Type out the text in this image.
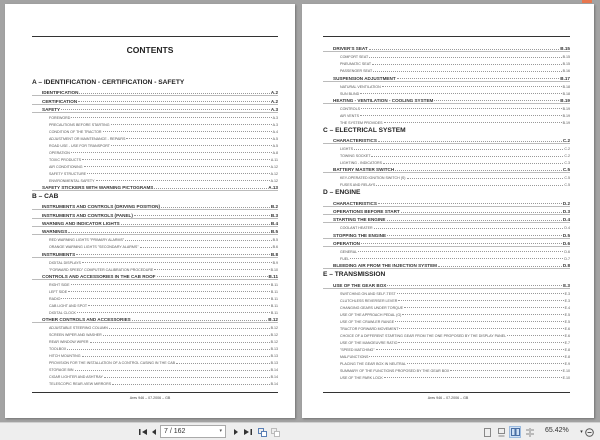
CONTENTS
A – IDENTIFICATION - CERTIFICATION - SAFETY
IDENTIFICATION	A.2
CERTIFICATION	A.2
SAFETY	A.3
FOREWORD	A.3
PRECAUTIONS BEFORE STARTING	A.3
CONDITION OF THE TRACTOR	A.4
ADJUSTMENT OR MAINTENANCE - REPAIRS	A.5
ROAD USE - USE FOR TRANSPORT	A.5
OPERATION	A.8
TOXIC PRODUCTS	A.11
AIR CONDITIONING	A.12
SAFETY STRUCTURE	A.12
ENVIRONMENTAL SAFETY	A.12
SAFETY STICKERS WITH WARNING PICTOGRAMS	A.13
B – CAB
INSTRUMENTS AND CONTROLS (DRIVING POSITION)	B.2
INSTRUMENTS AND CONTROLS (PANEL)	B.3
WARNING AND INDICATOR LIGHTS	B.4
WARNINGS	B.5
RED WARNING LIGHTS "PRIMARY ALARMS"	B.5
ORANGE WARNING LIGHTS "SECONDARY ALARMS"	B.6
INSTRUMENTS	B.8
DIGITAL DISPLAYS	B.9
"FORWARD SPEED" COMPUTER CALIBRATION PROCEDURE	B.10
CONTROLS AND ACCESSORIES IN THE CAB ROOF	B.11
RIGHT SIDE	B.11
LEFT SIDE	B.11
RADIO	B.11
CAB LIGHT AND SPOT	B.11
DIGITAL CLOCK	B.11
OTHER CONTROLS AND ACCESSORIES	B.12
ADJUSTABLE STEERING COLUMN	B.12
SCREEN WIPER AND WASHER	B.12
REAR WINDOW WIPER	B.12
TOOLBOX	B.13
HITCH MOUNTING	B.13
PROVISION FOR THE INSTALLATION OF A CONTROL CASING IN THE CAB	B.13
STORAGE BIN	B.14
CIGAR LIGHTER AND ASHTRAY	B.14
TELESCOPIC REAR-VIEW MIRRORS	B.14
Ares 946 – 07.2006 – GB
DRIVER'S SEAT	B.15
COMFORT SEAT	B.15
PNEUMATIC SEAT	B.15
PASSENGER SEAT	B.16
SUSPENSION ADJUSTMENT	B.17
NATURAL VENTILATION	B.18
SUN BLIND	B.18
HEATING - VENTILATION - COOLING SYSTEM	B.19
CONTROLS	B.19
AIR VENTS	B.19
THE SYSTEM PROVIDES	B.19
C – ELECTRICAL SYSTEM
CHARACTERISTICS	C.2
LIGHTS	C.2
TOWING SOCKET	C.2
LIGHTING - INDICATORS	C.3
BATTERY MASTER SWITCH	C.5
KEY-OPERATED IGNITION SWITCH (S)	C.5
FUSES AND RELAYS	C.5
D – ENGINE
CHARACTERISTICS	D.2
OPERATIONS BEFORE START	D.3
STARTING THE ENGINE	D.4
COOLANT HEATER	D.4
STOPPING THE ENGINE	D.5
OPERATION	D.6
GENERAL	D.6
FUEL	D.7
BLEEDING AIR FROM THE INJECTION SYSTEM	D.8
E – TRANSMISSION
USE OF THE GEAR BOX	E.3
SWITCHING ON AND SELF-TEST	E.3
CLUTCHLESS REVERSER LEVER	E.3
CHANGING GEARS UNDER TORQUE	E.4
USE OF THE APPROACH PEDAL (G)	E.5
USE OF THE CRAWLER RANGE	E.5
TRACTOR FORWARD MOVEMENT	E.6
CHOICE OF A DIFFERENT STARTING GEAR FROM THE ONE PROPOSED BY THE DISPLAY PANEL	E.6
USE OF THE MANOEUVRE RATIO	E.7
"SPEED MATCHING"	E.8
MALFUNCTIONS	E.8
PLACING THE GEAR BOX IN NEUTRAL	E.9
SUMMARY OF THE FUNCTIONS PROPOSED BY THE GEAR BOX	E.10
USE OF THE PARK LOCK	E.10
Ares 946 – 07.2006 – GB
7 / 162	▾	65.42% ▾
